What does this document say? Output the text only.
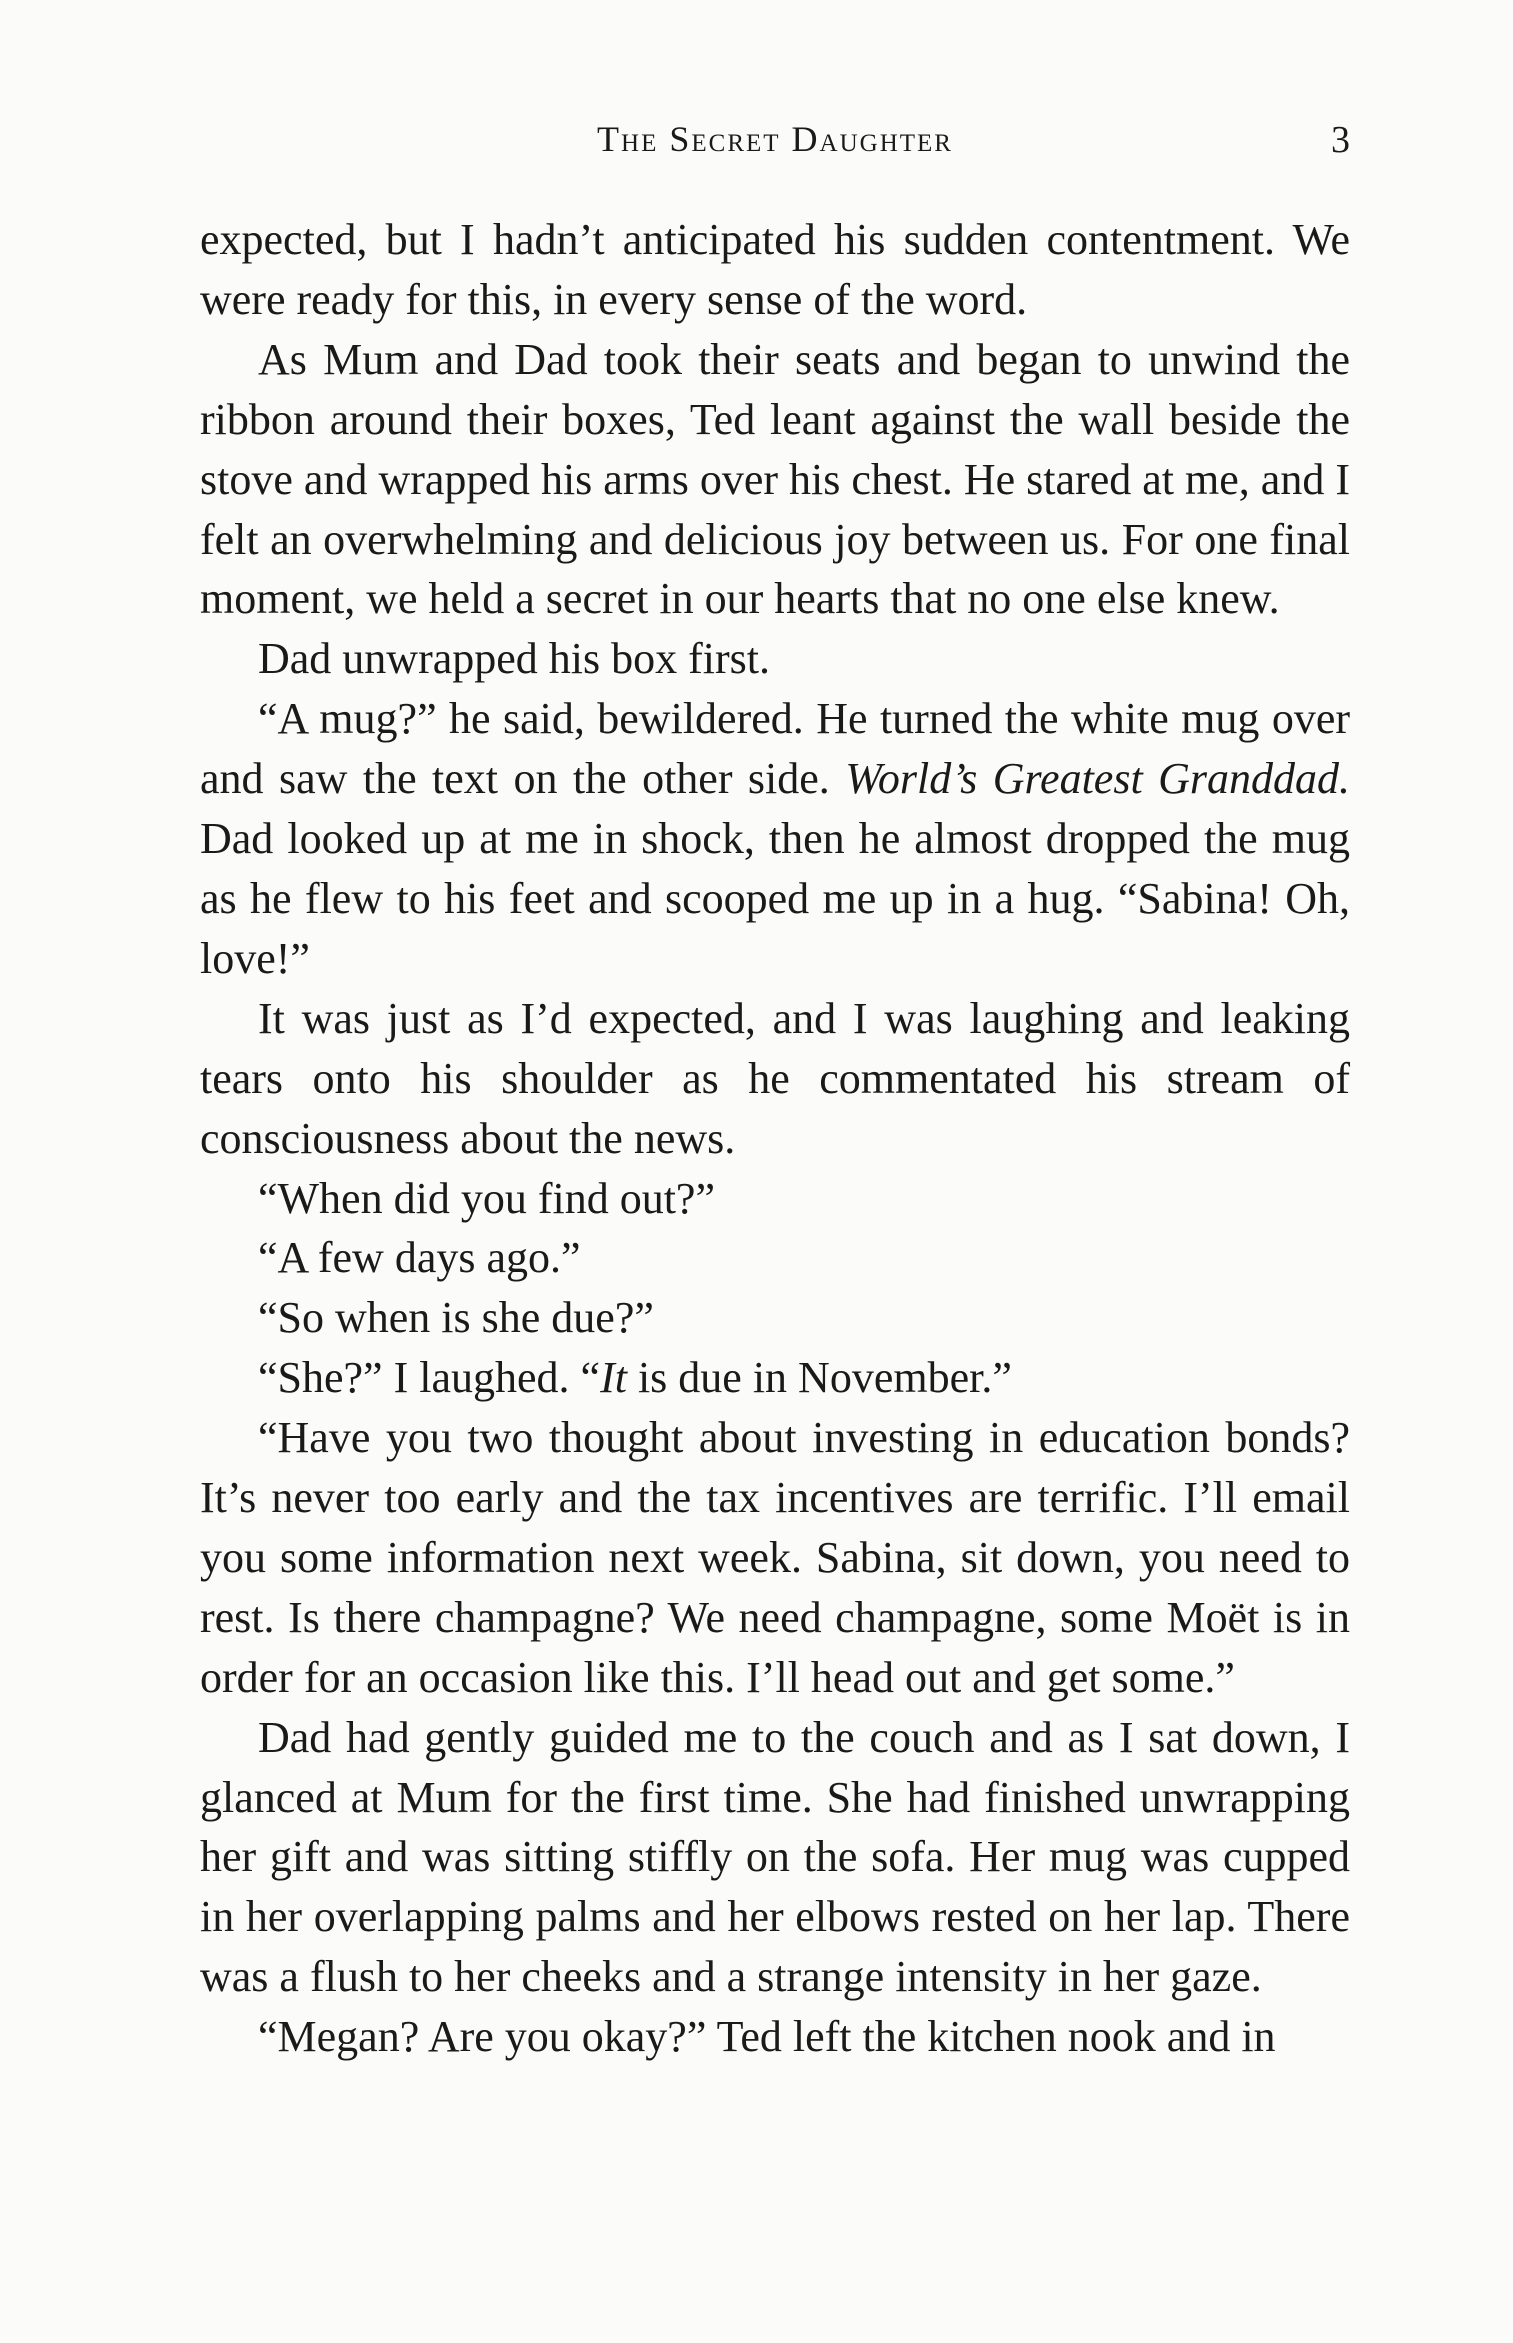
The Secret Daughter	3

expected, but I hadn’t anticipated his sudden contentment. We were ready for this, in every sense of the word.

As Mum and Dad took their seats and began to unwind the ribbon around their boxes, Ted leant against the wall beside the stove and wrapped his arms over his chest. He stared at me, and I felt an overwhelming and delicious joy between us. For one final moment, we held a secret in our hearts that no one else knew.

Dad unwrapped his box first.

“A mug?” he said, bewildered. He turned the white mug over and saw the text on the other side. World’s Greatest Granddad. Dad looked up at me in shock, then he almost dropped the mug as he flew to his feet and scooped me up in a hug. “Sabina! Oh, love!”

It was just as I’d expected, and I was laughing and leaking tears onto his shoulder as he commentated his stream of consciousness about the news.

“When did you find out?”

“A few days ago.”

“So when is she due?”

“She?” I laughed. “It is due in November.”

“Have you two thought about investing in education bonds? It’s never too early and the tax incentives are terrific. I’ll email you some information next week. Sabina, sit down, you need to rest. Is there champagne? We need champagne, some Moët is in order for an occasion like this. I’ll head out and get some.”

Dad had gently guided me to the couch and as I sat down, I glanced at Mum for the first time. She had finished unwrapping her gift and was sitting stiffly on the sofa. Her mug was cupped in her overlapping palms and her elbows rested on her lap. There was a flush to her cheeks and a strange intensity in her gaze.

“Megan? Are you okay?” Ted left the kitchen nook and in
